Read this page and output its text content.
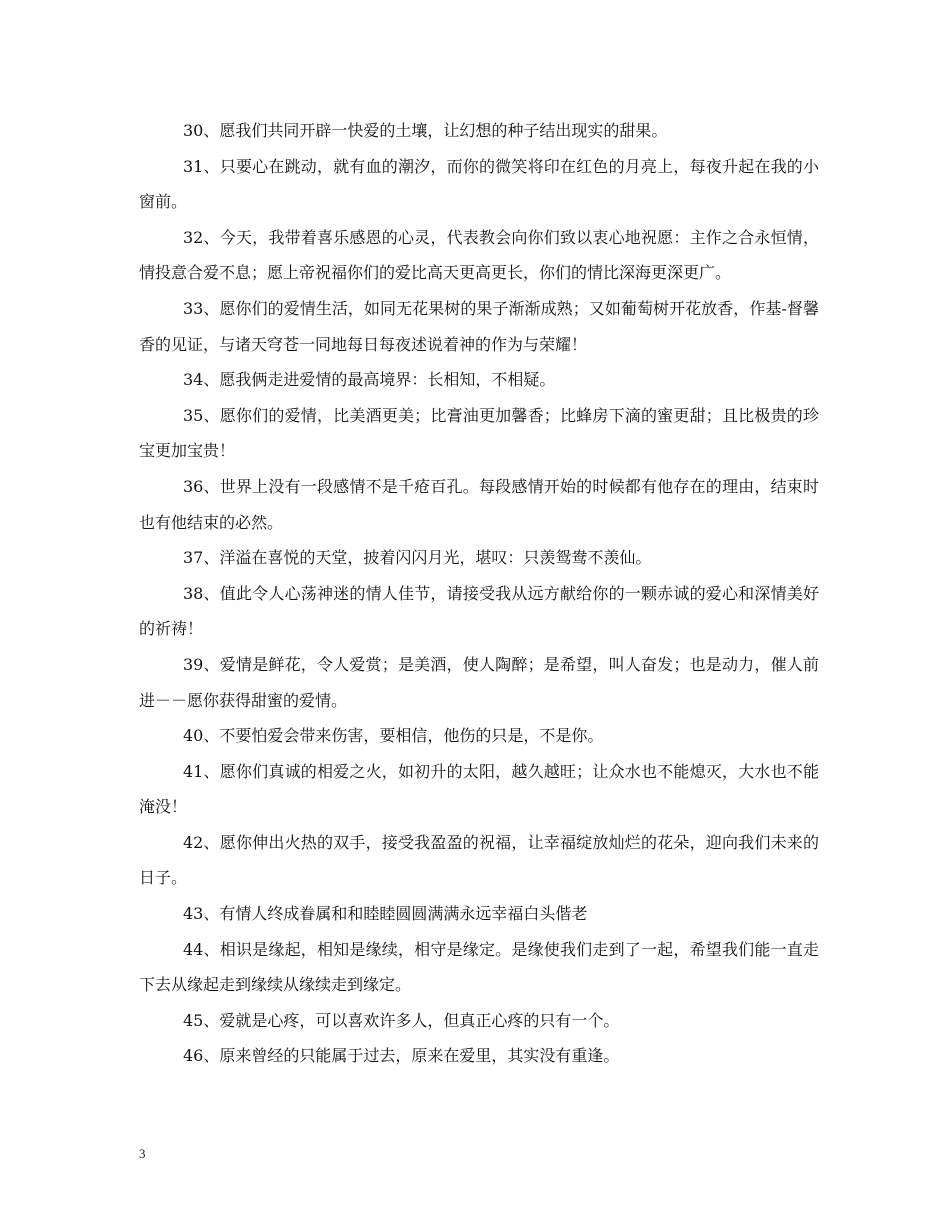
30、愿我们共同开辟一快爱的土壤，让幻想的种子结出现实的甜果。

31、只要心在跳动，就有血的潮汐，而你的微笑将印在红色的月亮上，每夜升起在我的小窗前。

32、今天，我带着喜乐感恩的心灵，代表教会向你们致以衷心地祝愿：主作之合永恒情，情投意合爱不息；愿上帝祝福你们的爱比高天更高更长，你们的情比深海更深更广。

33、愿你们的爱情生活，如同无花果树的果子渐渐成熟；又如葡萄树开花放香，作基-督馨香的见证，与诸天穹苍一同地每日每夜述说着神的作为与荣耀！

34、愿我俩走进爱情的最高境界：长相知，不相疑。

35、愿你们的爱情，比美酒更美；比膏油更加馨香；比蜂房下滴的蜜更甜；且比极贵的珍宝更加宝贵！

36、世界上没有一段感情不是千疮百孔。每段感情开始的时候都有他存在的理由，结束时也有他结束的必然。

37、洋溢在喜悦的天堂，披着闪闪月光，堪叹：只羡鸳鸯不羡仙。

38、值此令人心荡神迷的情人佳节，请接受我从远方献给你的一颗赤诚的爱心和深情美好的祈祷！

39、爱情是鲜花，令人爱赏；是美酒，使人陶醉；是希望，叫人奋发；也是动力，催人前进－－愿你获得甜蜜的爱情。

40、不要怕爱会带来伤害，要相信，他伤的只是，不是你。

41、愿你们真诚的相爱之火，如初升的太阳，越久越旺；让众水也不能熄灭，大水也不能淹没！

42、愿你伸出火热的双手，接受我盈盈的祝福，让幸福绽放灿烂的花朵，迎向我们未来的日子。

43、有情人终成眷属和和睦睦圆圆满满永远幸福白头偕老

44、相识是缘起，相知是缘续，相守是缘定。是缘使我们走到了一起，希望我们能一直走下去从缘起走到缘续从缘续走到缘定。

45、爱就是心疼，可以喜欢许多人，但真正心疼的只有一个。

46、原来曾经的只能属于过去，原来在爱里，其实没有重逢。

3
